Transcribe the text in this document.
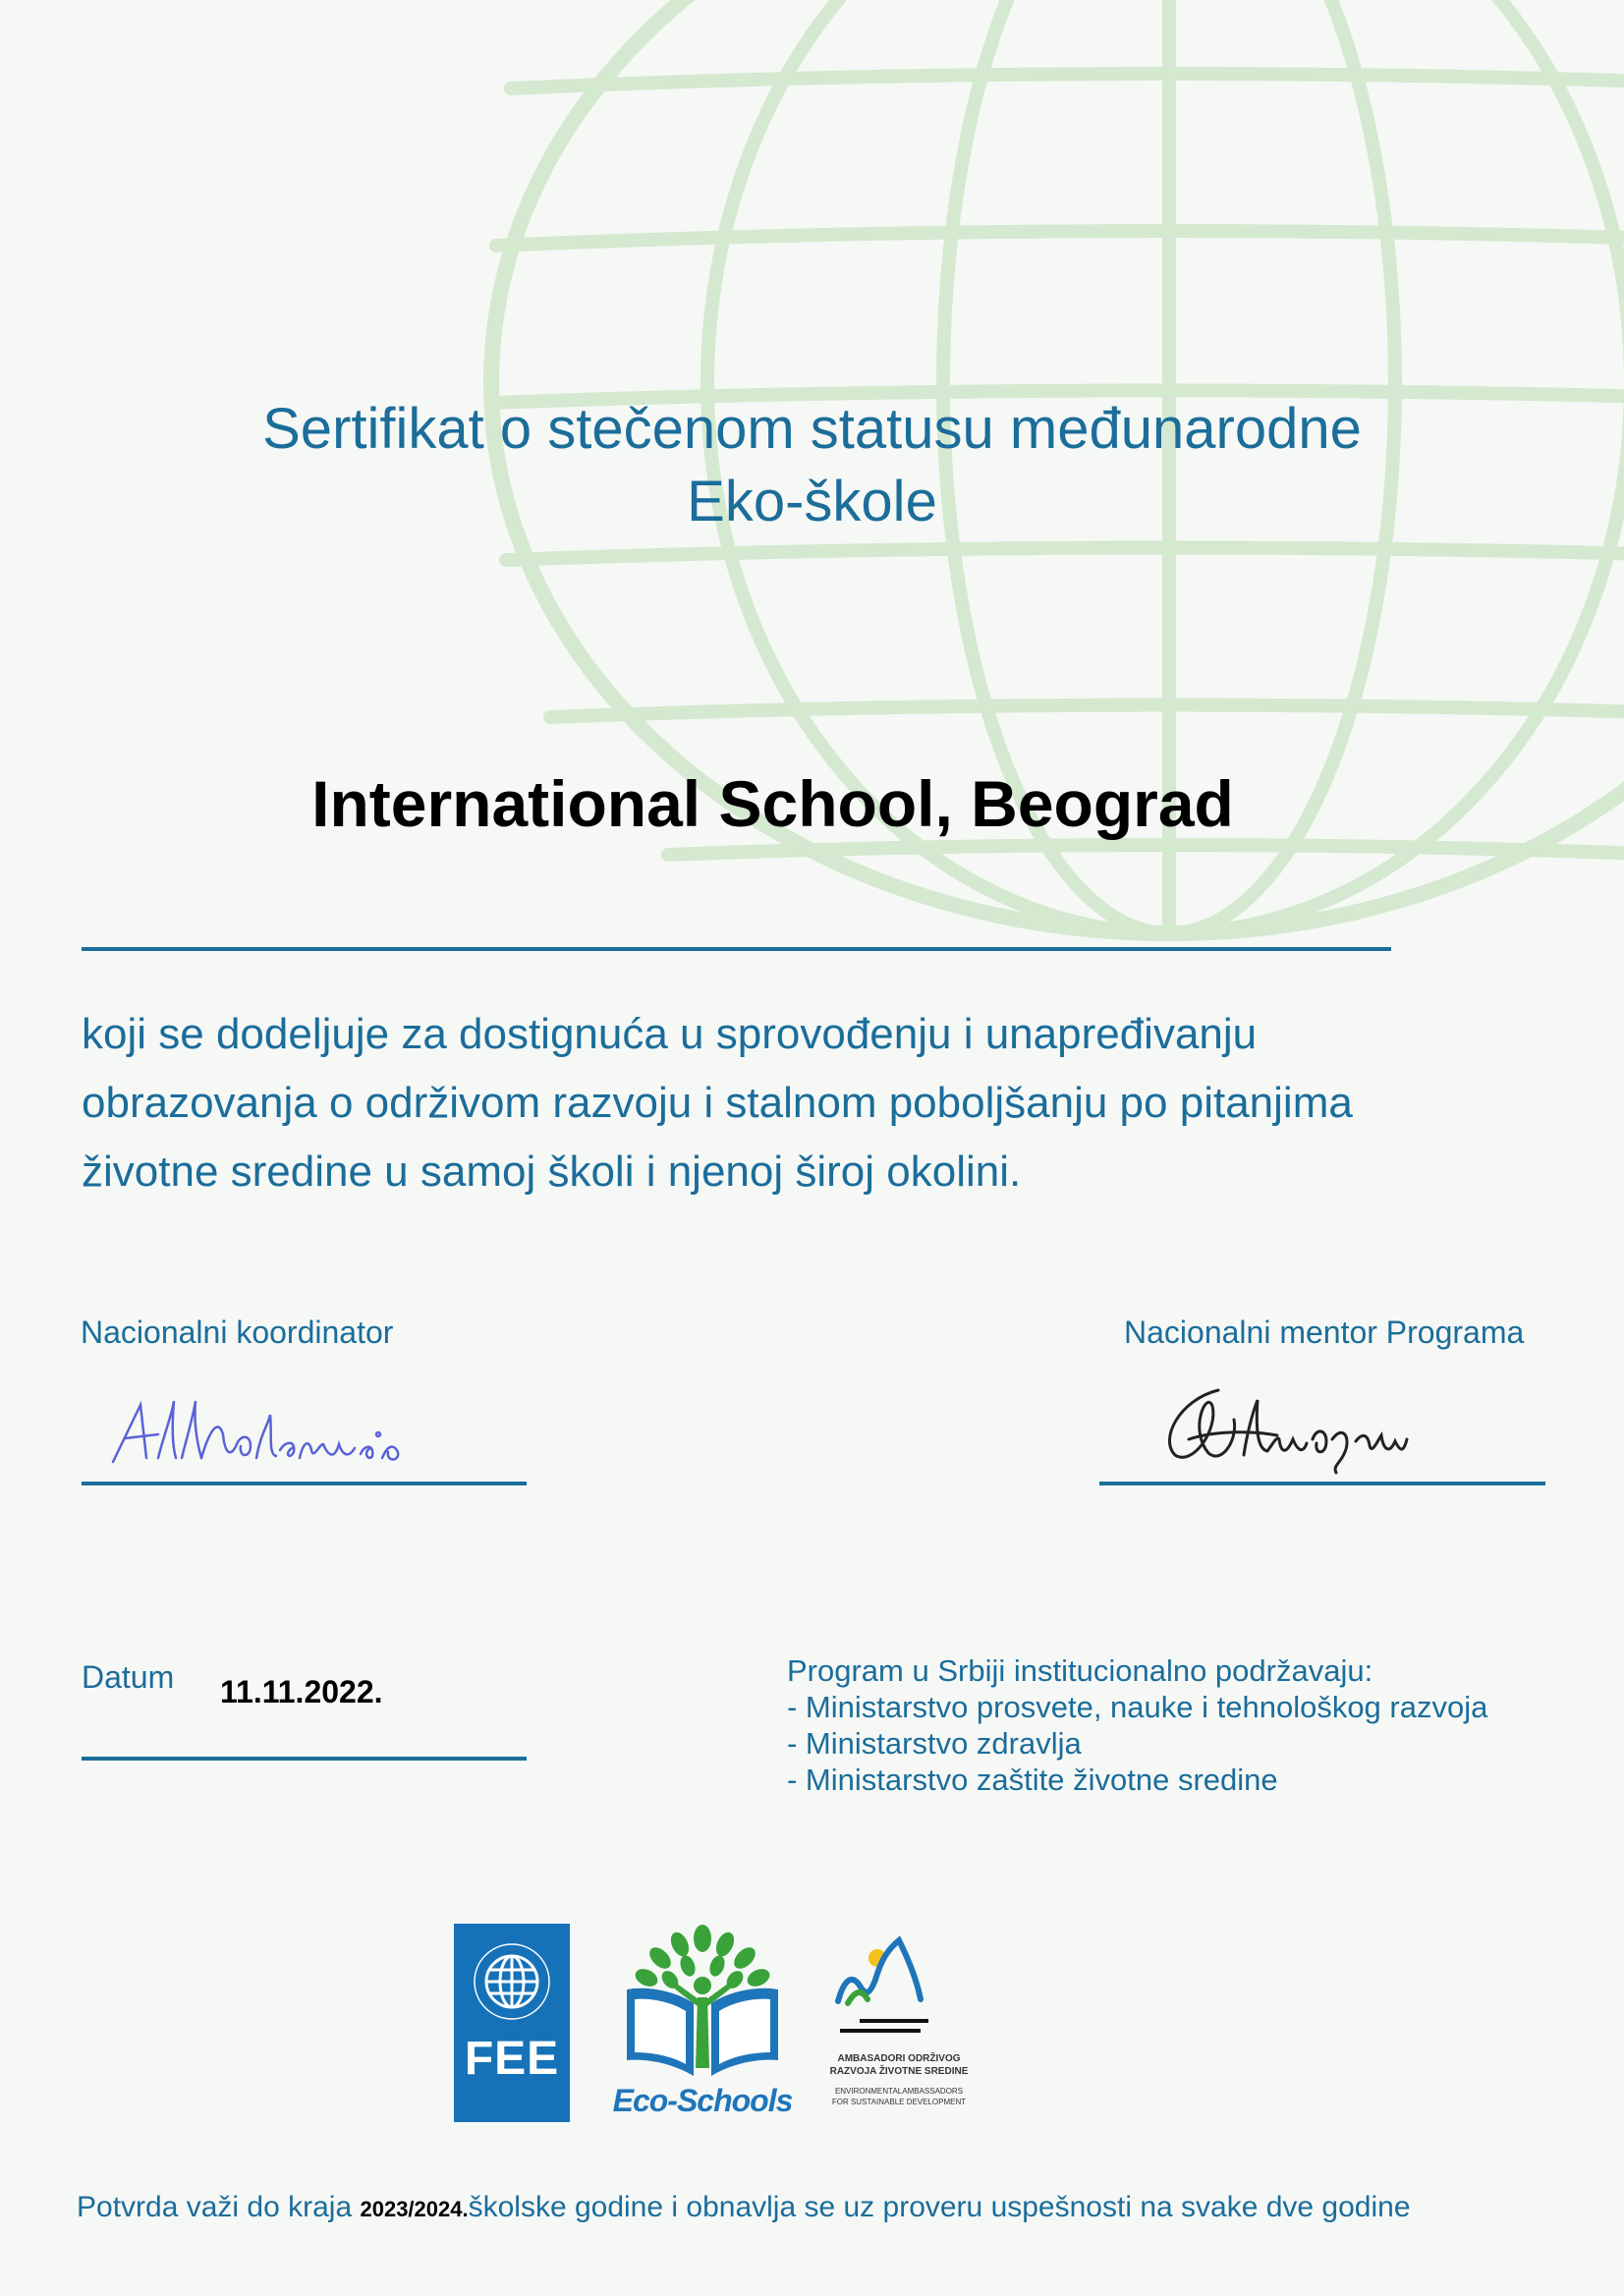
Sertifikat o stečenom statusu međunarodne
Eko-škole
International School, Beograd
koji se dodeljuje za dostignuća u sprovođenju i unapređivanju
obrazovanja o održivom razvoju i stalnom poboljšanju po pitanjima
životne sredine u samoj školi i njenoj široj okolini.
Nacionalni koordinator	Nacionalni mentor Programa
Datum 11.11.2022.
Program u Srbiji institucionalno podržavaju:
- Ministarstvo prosvete, nauke i tehnološkog razvoja
- Ministarstvo zdravlja
- Ministarstvo zaštite životne sredine
FEE
Eco-Schools
AMBASADORI ODRŽIVOG
RAZVOJA ŽIVOTNE SREDINE
ENVIRONMENTALAMBASSADORS
FOR SUSTAINABLE DEVELOPMENT
Potvrda važi do kraja 2023/2024.školske godine i obnavlja se uz proveru uspešnosti na svake dve godine
